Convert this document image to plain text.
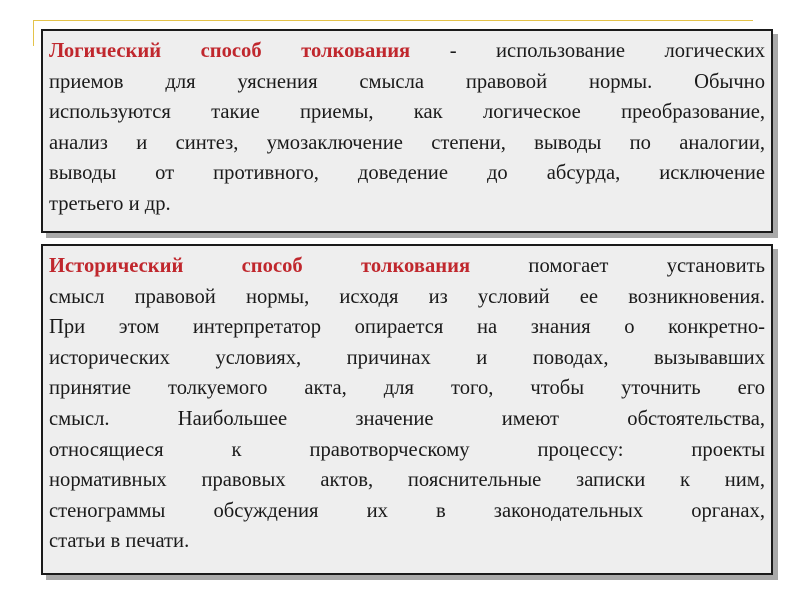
Логический способ толкования - использование логических
приемов для уяснения смысла правовой нормы. Обычно
используются такие приемы, как логическое преобразование,
анализ и синтез, умозаключение степени, выводы по аналогии,
выводы от противного, доведение до абсурда, исключение
третьего и др.

Исторический способ толкования помогает установить
смысл правовой нормы, исходя из условий ее возникновения.
При этом интерпретатор опирается на знания о конкретно-
исторических условиях, причинах и поводах, вызывавших
принятие толкуемого акта, для того, чтобы уточнить его
смысл. Наибольшее значение имеют обстоятельства,
относящиеся к правотворческому процессу: проекты
нормативных правовых актов, пояснительные записки к ним,
стенограммы обсуждения их в законодательных органах,
статьи в печати.
